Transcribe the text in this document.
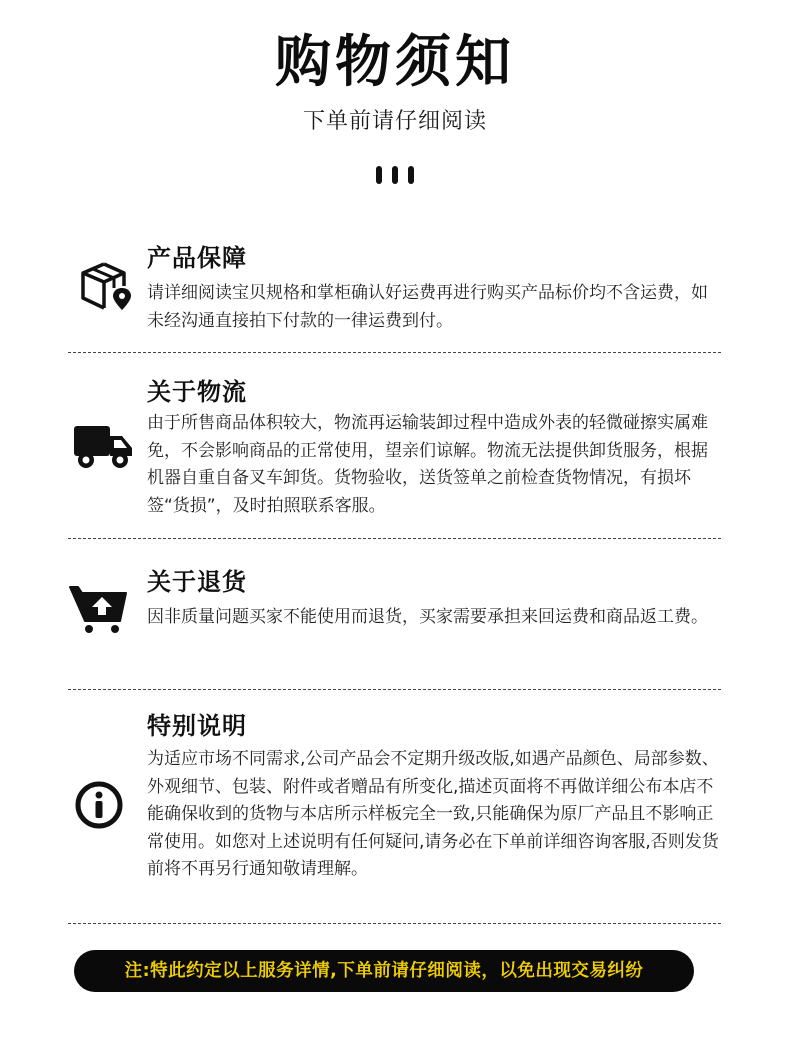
购物须知
下单前请仔细阅读
产品保障
请详细阅读宝贝规格和掌柜确认好运费再进行购买产品标价均不含运费，如未经沟通直接拍下付款的一律运费到付。
关于物流
由于所售商品体积较大，物流再运输装卸过程中造成外表的轻微碰擦实属难免，不会影响商品的正常使用，望亲们谅解。物流无法提供卸货服务，根据机器自重自备叉车卸货。货物验收，送货签单之前检查货物情况，有损坏签“货损”，及时拍照联系客服。
关于退货
因非质量问题买家不能使用而退货，买家需要承担来回运费和商品返工费。
特别说明
为适应市场不同需求,公司产品会不定期升级改版,如遇产品颜色、局部参数、外观细节、包装、附件或者赠品有所变化,描述页面将不再做详细公布本店不能确保收到的货物与本店所示样板完全一致,只能确保为原厂产品且不影响正常使用。如您对上述说明有任何疑问,请务必在下单前详细咨询客服,否则发货前将不再另行通知敬请理解。
注:特此约定以上服务详情,下单前请仔细阅读，以免出现交易纠纷
